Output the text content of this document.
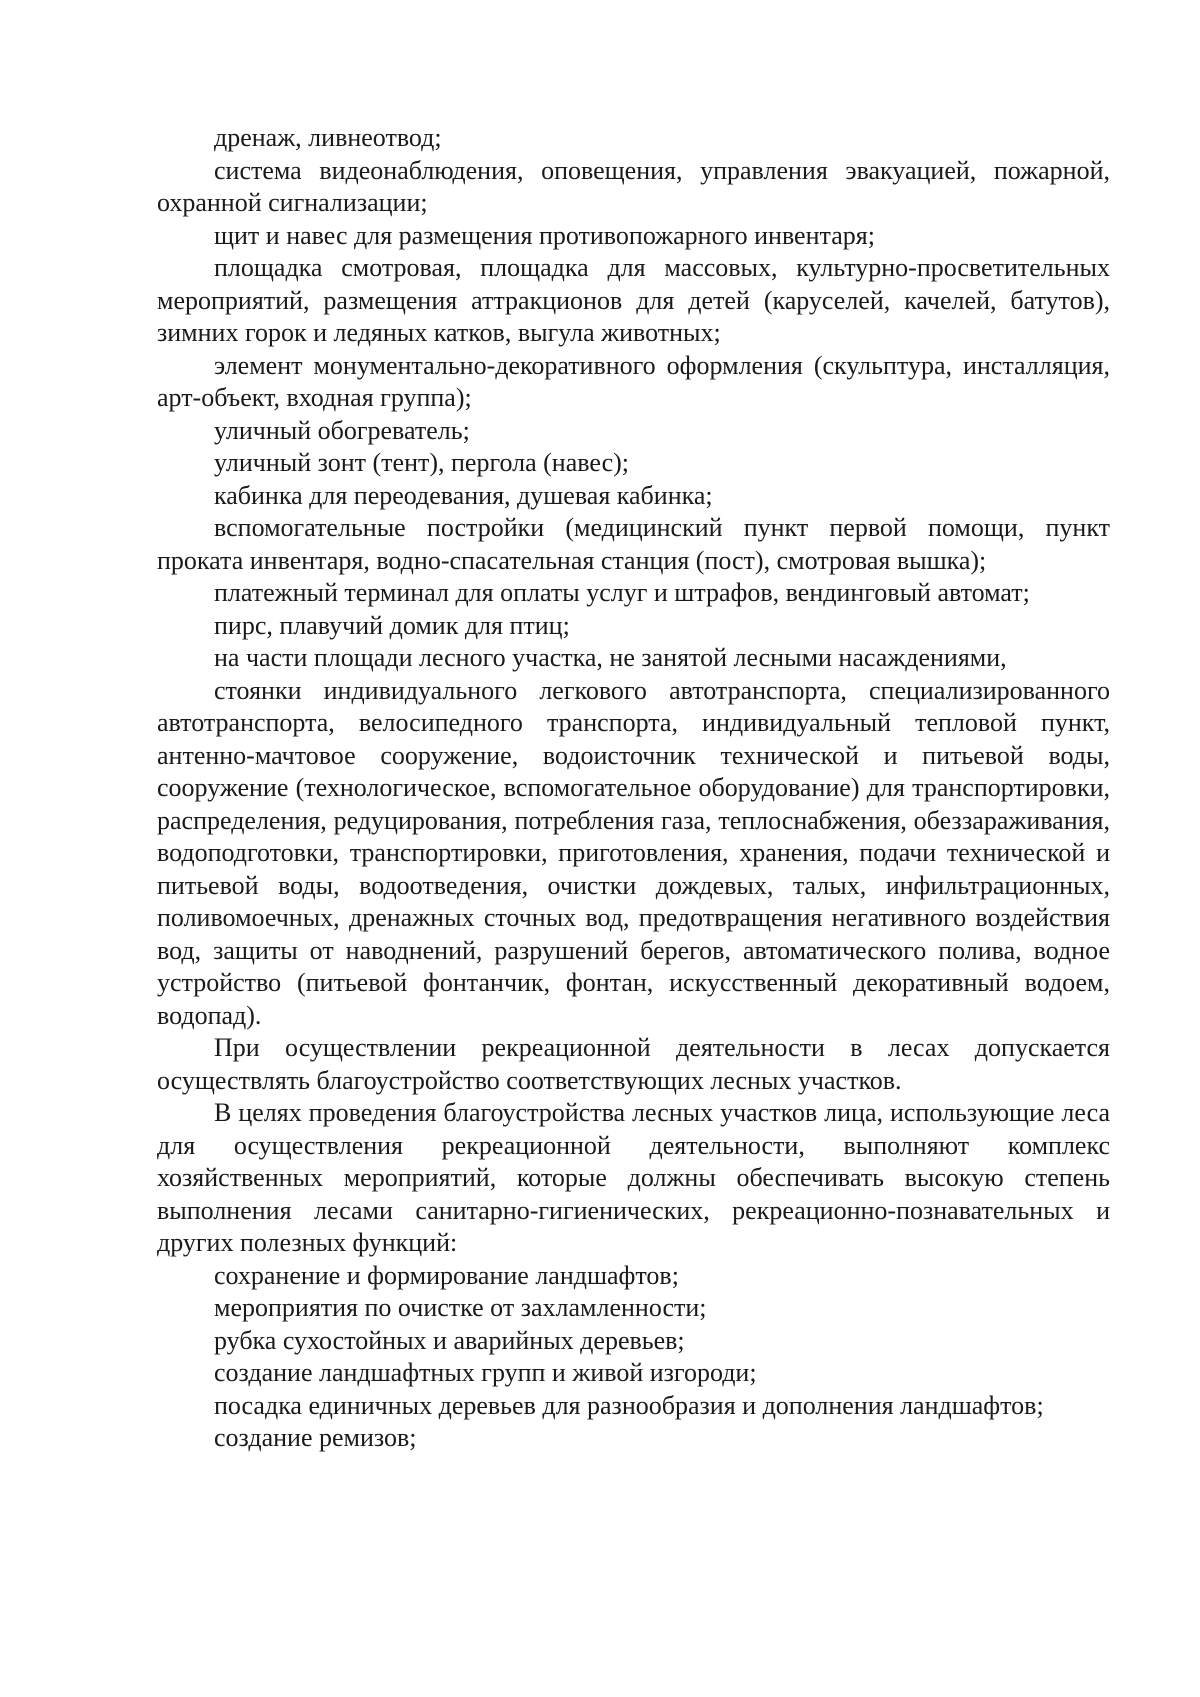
дренаж, ливнеотвод;

система видеонаблюдения, оповещения, управления эвакуацией, пожарной, охранной сигнализации;

щит и навес для размещения противопожарного инвентаря;

площадка смотровая, площадка для массовых, культурно-просветительных мероприятий, размещения аттракционов для детей (каруселей, качелей, батутов), зимних горок и ледяных катков, выгула животных;

элемент монументально-декоративного оформления (скульптура, инсталляция, арт-объект, входная группа);

уличный обогреватель;

уличный зонт (тент), пергола (навес);

кабинка для переодевания, душевая кабинка;

вспомогательные постройки (медицинский пункт первой помощи, пункт проката инвентаря, водно-спасательная станция (пост), смотровая вышка);

платежный терминал для оплаты услуг и штрафов, вендинговый автомат;

пирс, плавучий домик для птиц;

на части площади лесного участка, не занятой лесными насаждениями,

стоянки индивидуального легкового автотранспорта, специализированного автотранспорта, велосипедного транспорта, индивидуальный тепловой пункт, антенно-мачтовое сооружение, водоисточник технической и питьевой воды, сооружение (технологическое, вспомогательное оборудование) для транспортировки, распределения, редуцирования, потребления газа, теплоснабжения, обеззараживания, водоподготовки, транспортировки, приготовления, хранения, подачи технической и питьевой воды, водоотведения, очистки дождевых, талых, инфильтрационных, поливомоечных, дренажных сточных вод, предотвращения негативного воздействия вод, защиты от наводнений, разрушений берегов, автоматического полива, водное устройство (питьевой фонтанчик, фонтан, искусственный декоративный водоем, водопад).

При осуществлении рекреационной деятельности в лесах допускается осуществлять благоустройство соответствующих лесных участков.

В целях проведения благоустройства лесных участков лица, использующие леса для осуществления рекреационной деятельности, выполняют комплекс хозяйственных мероприятий, которые должны обеспечивать высокую степень выполнения лесами санитарно-гигиенических, рекреационно-познавательных и других полезных функций:

сохранение и формирование ландшафтов;

мероприятия по очистке от захламленности;

рубка сухостойных и аварийных деревьев;

создание ландшафтных групп и живой изгороди;

посадка единичных деревьев для разнообразия и дополнения ландшафтов;

создание ремизов;
